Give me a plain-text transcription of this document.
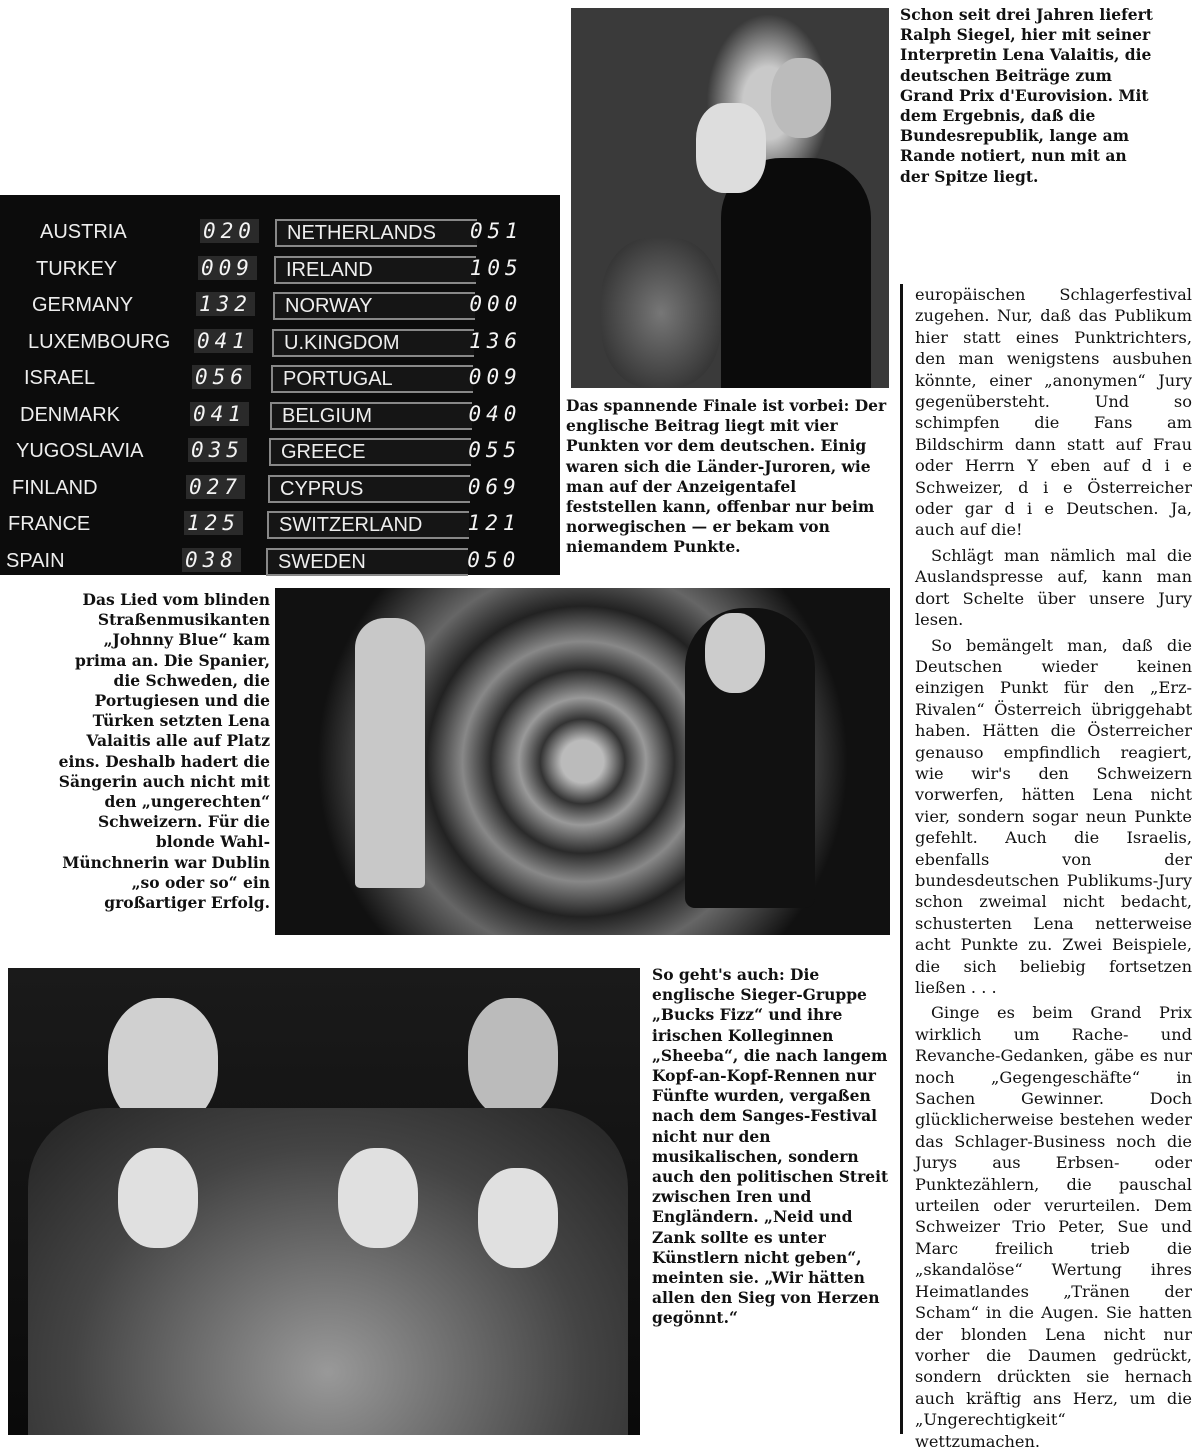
Schon seit drei Jahren liefert Ralph Siegel, hier mit seiner Interpretin Lena Valaitis, die deutschen Beiträge zum Grand Prix d'Eurovision. Mit dem Ergebnis, daß die Bundesrepublik, lange am Rande notiert, nun mit an der Spitze liegt.
AUSTRIA	020	NETHERLANDS	051
TURKEY	009	IRELAND	105
GERMANY	132	NORWAY	000
LUXEMBOURG 041	U.KINGDOM	136
ISRAEL	056	PORTUGAL	009
DENMARK	041	BELGIUM	040
YUGOSLAVIA 035	GREECE	055
FINLAND	027	CYPRUS	069
FRANCE	125	SWITZERLAND	121
SPAIN	038	SWEDEN	050
Das spannende Finale ist vorbei: Der englische Beitrag liegt mit vier Punkten vor dem deutschen. Einig waren sich die Länder-Juroren, wie man auf der Anzeigentafel feststellen kann, offenbar nur beim norwegischen — er bekam von niemandem Punkte.
Das Lied vom blinden Straßenmusikanten „Johnny Blue“ kam prima an. Die Spanier, die Schweden, die Portugiesen und die Türken setzten Lena Valaitis alle auf Platz eins. Deshalb hadert die Sängerin auch nicht mit den „ungerechten“ Schweizern. Für die blonde Wahl-Münchnerin war Dublin „so oder so“ ein großartiger Erfolg.
So geht's auch: Die englische Sieger-Gruppe „Bucks Fizz“ und ihre irischen Kolleginnen „Sheeba“, die nach langem Kopf-an-Kopf-Rennen nur Fünfte wurden, vergaßen nach dem Sanges-Festival nicht nur den musikalischen, sondern auch den politischen Streit zwischen Iren und Engländern. „Neid und Zank sollte es unter Künstlern nicht geben“, meinten sie. „Wir hätten allen den Sieg von Herzen gegönnt.“

europäischen Schlagerfestival zugehen. Nur, daß das Publikum hier statt eines Punktrichters, den man wenigstens ausbuhen könnte, einer „anonymen“ Jury gegenübersteht. Und so schimpfen die Fans am Bildschirm dann statt auf Frau oder Herrn Y eben auf d i e Schweizer, d i e Österreicher oder gar d i e Deutschen. Ja, auch auf die!

Schlägt man nämlich mal die Auslandspresse auf, kann man dort Schelte über unsere Jury lesen.

So bemängelt man, daß die Deutschen wieder keinen einzigen Punkt für den „Erz-Rivalen“ Österreich übriggehabt haben. Hätten die Österreicher genauso empfindlich reagiert, wie wir's den Schweizern vorwerfen, hätten Lena nicht vier, sondern sogar neun Punkte gefehlt. Auch die Israelis, ebenfalls von der bundesdeutschen Publikums-Jury schon zweimal nicht bedacht, schusterten Lena netterweise acht Punkte zu. Zwei Beispiele, die sich beliebig fortsetzen ließen . . .

Ginge es beim Grand Prix wirklich um Rache- und Revanche-Gedanken, gäbe es nur noch „Gegengeschäfte“ in Sachen Gewinner. Doch glücklicherweise bestehen weder das Schlager-Business noch die Jurys aus Erbsen- oder Punktezählern, die pauschal urteilen oder verurteilen. Dem Schweizer Trio Peter, Sue und Marc freilich trieb die „skandalöse“ Wertung ihres Heimatlandes „Tränen der Scham“ in die Augen. Sie hatten der blonden Lena nicht nur vorher die Daumen gedrückt, sondern drückten sie hernach auch kräftig ans Herz, um die „Ungerechtigkeit“ wettzumachen.
